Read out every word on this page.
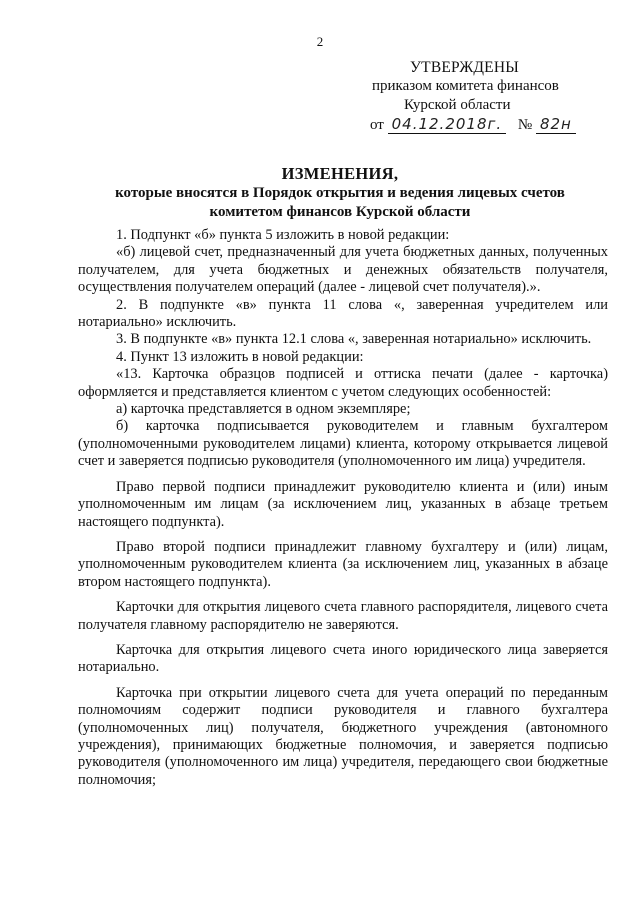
2
УТВЕРЖДЕНЫ
приказом комитета финансов
Курской области
от 04.12.2018г. № 82н
ИЗМЕНЕНИЯ,
которые вносятся в Порядок открытия и ведения лицевых счетов
комитетом финансов Курской области

1. Подпункт «б» пункта 5 изложить в новой редакции:

«б) лицевой счет, предназначенный для учета бюджетных данных, полученных получателем, для учета бюджетных и денежных обязательств получателя, осуществления получателем операций (далее - лицевой счет получателя).».

2. В подпункте «в» пункта 11 слова «, заверенная учредителем или нотариально» исключить.

3. В подпункте «в» пункта 12.1 слова «, заверенная нотариально» исключить.

4. Пункт 13 изложить в новой редакции:

«13. Карточка образцов подписей и оттиска печати (далее - карточка) оформляется и представляется клиентом с учетом следующих особенностей:

а) карточка представляется в одном экземпляре;

б) карточка подписывается руководителем и главным бухгалтером (уполномоченными руководителем лицами) клиента, которому открывается лицевой счет и заверяется подписью руководителя (уполномоченного им лица) учредителя.

Право первой подписи принадлежит руководителю клиента и (или) иным уполномоченным им лицам (за исключением лиц, указанных в абзаце третьем настоящего подпункта).

Право второй подписи принадлежит главному бухгалтеру и (или) лицам, уполномоченным руководителем клиента (за исключением лиц, указанных в абзаце втором настоящего подпункта).

Карточки для открытия лицевого счета главного распорядителя, лицевого счета получателя главному распорядителю не заверяются.

Карточка для открытия лицевого счета иного юридического лица заверяется нотариально.

Карточка при открытии лицевого счета для учета операций по переданным полномочиям содержит подписи руководителя и главного бухгалтера (уполномоченных лиц) получателя, бюджетного учреждения (автономного учреждения), принимающих бюджетные полномочия, и заверяется подписью руководителя (уполномоченного им лица) учредителя, передающего свои бюджетные полномочия;
